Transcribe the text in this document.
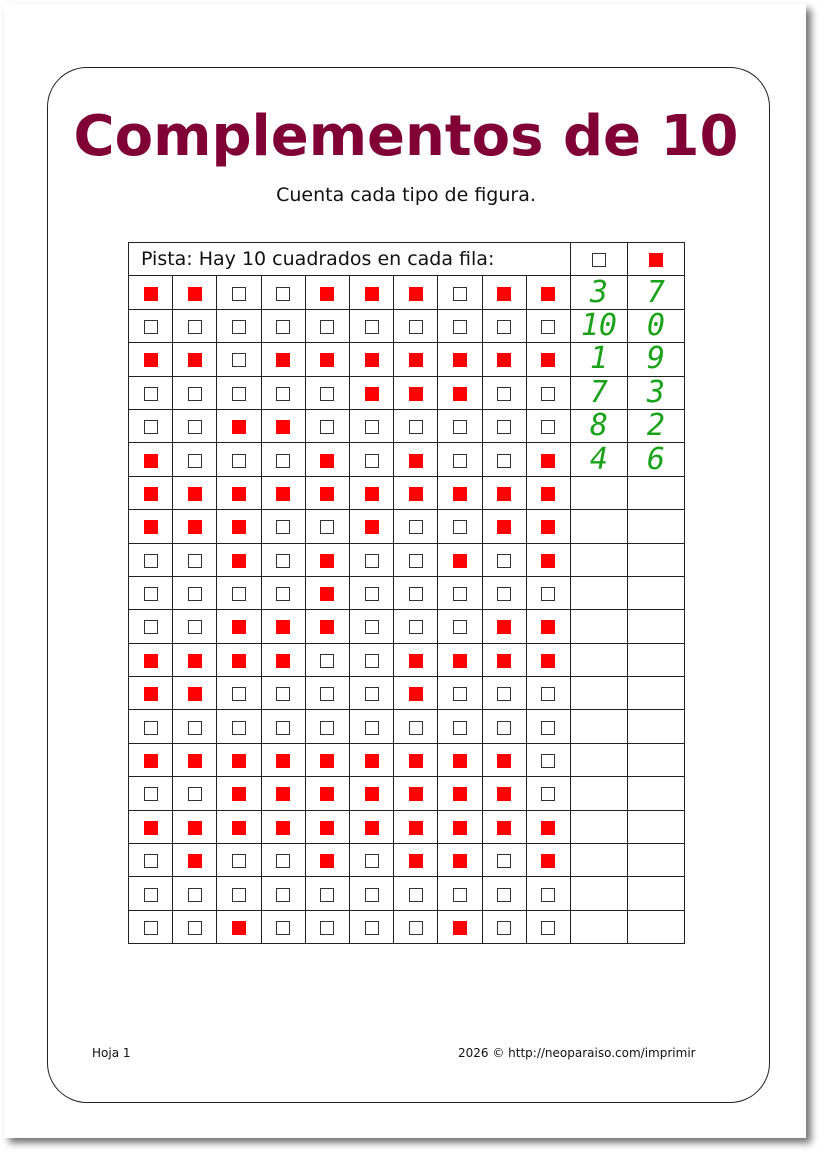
Complementos de 10
Cuenta cada tipo de figura.
Pista: Hay 10 cuadrados en cada fila:											
										3	7
										10	0
										1	9
										7	3
										8	2
										4	6

Hoja 1	2026 © http://neoparaiso.com/imprimir
